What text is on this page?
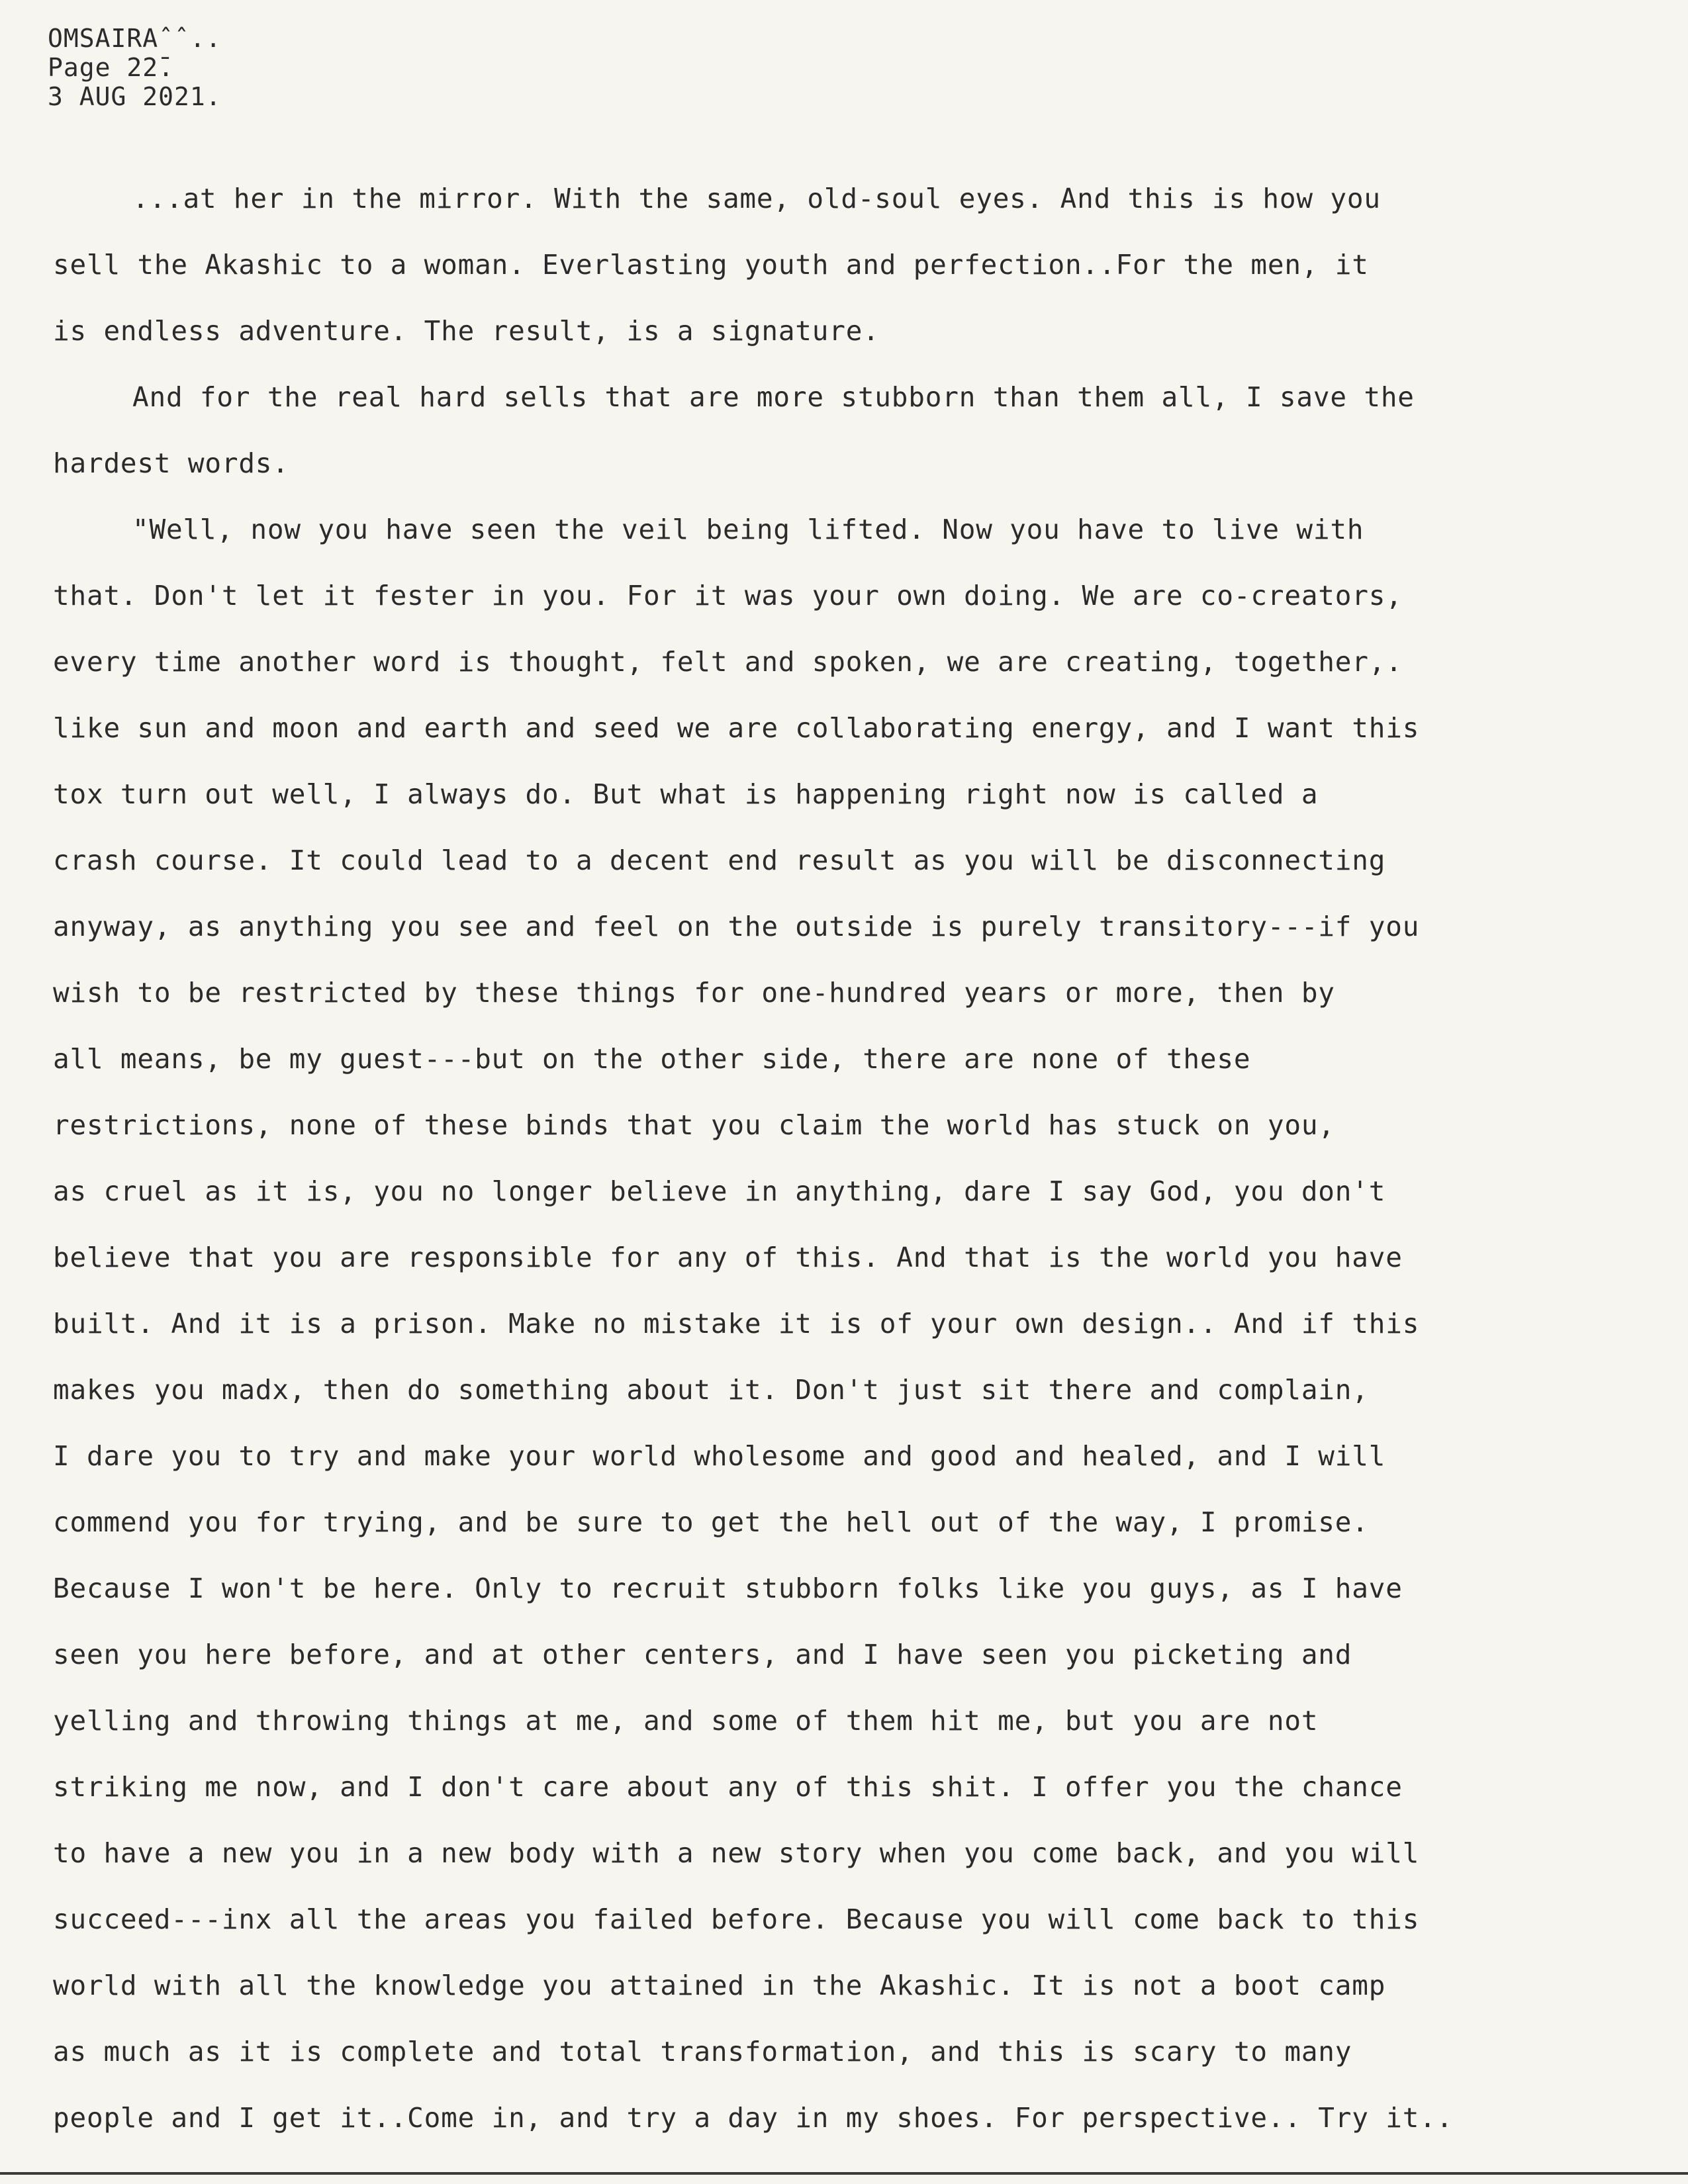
OMSAIRAˆˆ..
Page 22̄.
3 AUG 2021.
...at her in the mirror. With the same, old-soul eyes. And this is how you
sell the Akashic to a woman. Everlasting youth and perfection..For the men, it
is endless adventure. The result, is a signature.
And for the real hard sells that are more stubborn than them all, I save the
hardest words.
"Well, now you have seen the veil being lifted. Now you have to live with
that. Don't let it fester in you. For it was your own doing. We are co-creators,
every time another word is thought, felt and spoken, we are creating, together,.
like sun and moon and earth and seed we are collaborating energy, and I want this
tox turn out well, I always do. But what is happening right now is called a
crash course. It could lead to a decent end result as you will be disconnecting
anyway, as anything you see and feel on the outside is purely transitory---if you
wish to be restricted by these things for one-hundred years or more, then by
all means, be my guest---but on the other side, there are none of these
restrictions, none of these binds that you claim the world has stuck on you,
as cruel as it is, you no longer believe in anything, dare I say God, you don't
believe that you are responsible for any of this. And that is the world you have
built. And it is a prison. Make no mistake it is of your own design.. And if this
makes you madx, then do something about it. Don't just sit there and complain,
I dare you to try and make your world wholesome and good and healed, and I will
commend you for trying, and be sure to get the hell out of the way, I promise.
Because I won't be here. Only to recruit stubborn folks like you guys, as I have
seen you here before, and at other centers, and I have seen you picketing and
yelling and throwing things at me, and some of them hit me, but you are not
striking me now, and I don't care about any of this shit. I offer you the chance
to have a new you in a new body with a new story when you come back, and you will
succeed---inx all the areas you failed before. Because you will come back to this
world with all the knowledge you attained in the Akashic. It is not a boot camp
as much as it is complete and total transformation, and this is scary to many
people and I get it..Come in, and try a day in my shoes. For perspective.. Try it..
